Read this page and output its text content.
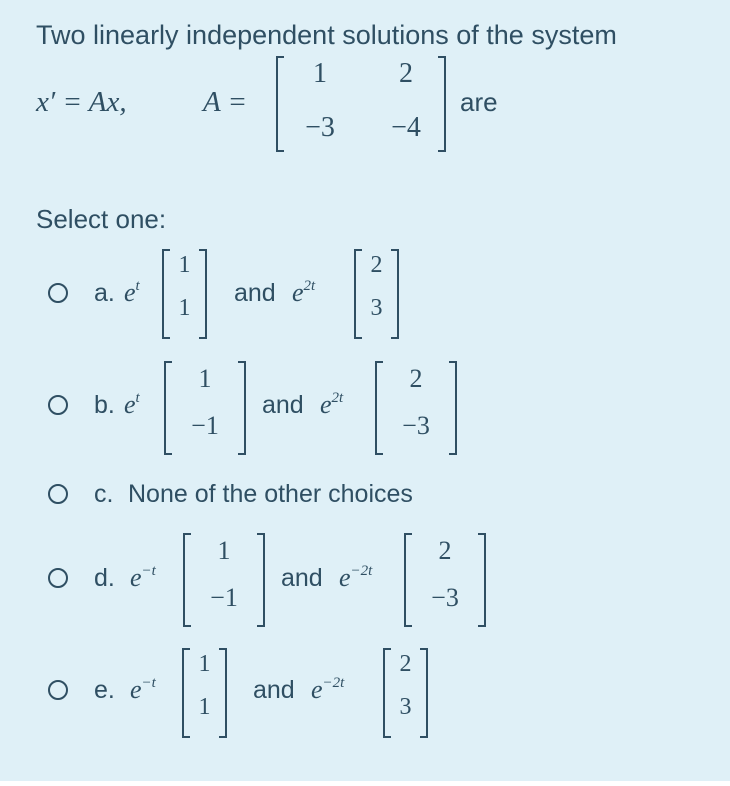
Two linearly independent solutions of the system
x′ = Ax,	A =
1	2
−3 −4
are
Select one:
a. $e^t$
1
1
and $e^{2t}$
2
3
b. $e^t$
1
−1
and $e^{2t}$
2
−3
c. None of the other choices
d. $e^{-t}$
1
−1
and $e^{-2t}$
2
−3
e. $e^{-t}$
1
1
and $e^{-2t}$
2
3
